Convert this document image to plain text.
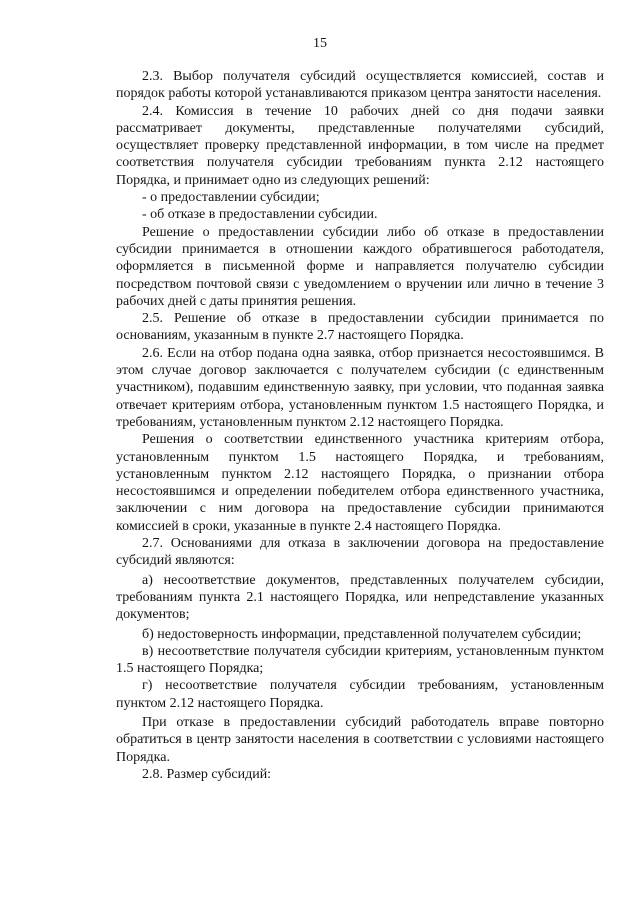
15

2.3. Выбор получателя субсидий осуществляется комиссией, состав и порядок работы которой устанавливаются приказом центра занятости населения.

2.4. Комиссия в течение 10 рабочих дней со дня подачи заявки рассматривает документы, представленные получателями субсидий, осуществляет проверку представленной информации, в том числе на предмет соответствия получателя субсидии требованиям пункта 2.12 настоящего Порядка, и принимает одно из следующих решений:

- о предоставлении субсидии;

- об отказе в предоставлении субсидии.

Решение о предоставлении субсидии либо об отказе в предоставлении субсидии принимается в отношении каждого обратившегося работодателя, оформляется в письменной форме и направляется получателю субсидии посредством почтовой связи с уведомлением о вручении или лично в течение 3 рабочих дней с даты принятия решения.

2.5. Решение об отказе в предоставлении субсидии принимается по основаниям, указанным в пункте 2.7 настоящего Порядка.

2.6. Если на отбор подана одна заявка, отбор признается несостоявшимся. В этом случае договор заключается с получателем субсидии (с единственным участником), подавшим единственную заявку, при условии, что поданная заявка отвечает критериям отбора, установленным пунктом 1.5 настоящего Порядка, и требованиям, установленным пунктом 2.12 настоящего Порядка.

Решения о соответствии единственного участника критериям отбора, установленным пунктом 1.5 настоящего Порядка, и требованиям, установленным пунктом 2.12 настоящего Порядка, о признании отбора несостоявшимся и определении победителем отбора единственного участника, заключении с ним договора на предоставление субсидии принимаются комиссией в сроки, указанные в пункте 2.4 настоящего Порядка.

2.7. Основаниями для отказа в заключении договора на предоставление субсидий являются:

а) несоответствие документов, представленных получателем субсидии, требованиям пункта 2.1 настоящего Порядка, или непредставление указанных документов;

б) недостоверность информации, представленной получателем субсидии;

в) несоответствие получателя субсидии критериям, установленным пунктом 1.5 настоящего Порядка;

г) несоответствие получателя субсидии требованиям, установленным пунктом 2.12 настоящего Порядка.

При отказе в предоставлении субсидий работодатель вправе повторно обратиться в центр занятости населения в соответствии с условиями настоящего Порядка.

2.8. Размер субсидий:
